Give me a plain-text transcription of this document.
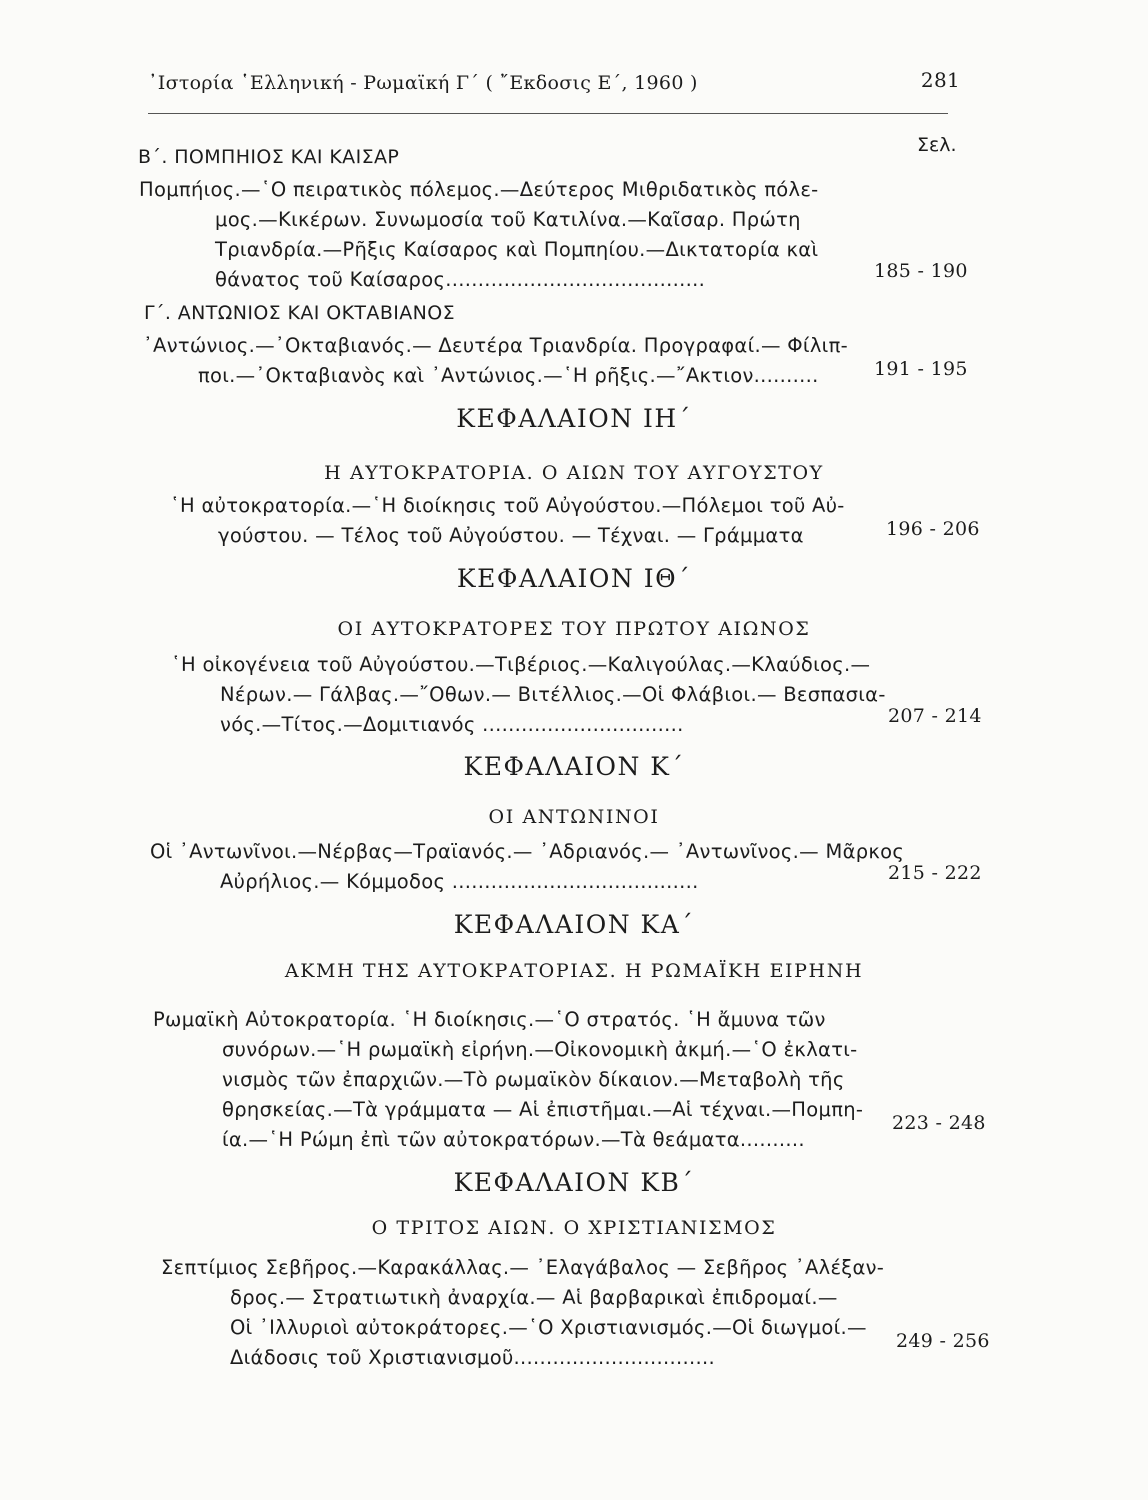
᾿Ιστορία ῾Ελληνική - Ρωμαϊκή Γ΄ ( ῎Εκδοσις Ε΄, 1960 )	281
Σελ.
Β΄. ΠΟΜΠΗΙΟΣ ΚΑΙ ΚΑΙΣΑΡ
Πομπήιος.—῾Ο πειρατικὸς πόλεμος.—Δεύτερος Μιθριδατικὸς πόλε-
μος.—Κικέρων. Συνωμοσία τοῦ Κατιλίνα.—Καῖσαρ. Πρώτη
Τριανδρία.—Ρῆξις Καίσαρος καὶ Πομπηίου.—Δικτατορία καὶ
θάνατος τοῦ Καίσαρος........................................	185 - 190
Γ΄. ΑΝΤΩΝΙΟΣ ΚΑΙ ΟΚΤΑΒΙΑΝΟΣ
᾿Αντώνιος.—᾿Οκταβιανός.— Δευτέρα Τριανδρία. Προγραφαί.— Φίλιπ-
ποι.—᾿Οκταβιανὸς καὶ ᾿Αντώνιος.—῾Η ρῆξις.—῎Ακτιον..........	191 - 195
ΚΕΦΑΛΑΙΟΝ ΙΗ΄
Η ΑΥΤΟΚΡΑΤΟΡΙΑ. Ο ΑΙΩΝ ΤΟΥ ΑΥΓΟΥΣΤΟΥ
῾Η αὐτοκρατορία.—῾Η διοίκησις τοῦ Αὐγούστου.—Πόλεμοι τοῦ Αὐ-
γούστου. — Τέλος τοῦ Αὐγούστου. — Τέχναι. — Γράμματα	196 - 206
ΚΕΦΑΛΑΙΟΝ ΙΘ΄
ΟΙ ΑΥΤΟΚΡΑΤΟΡΕΣ ΤΟΥ ΠΡΩΤΟΥ ΑΙΩΝΟΣ
῾Η οἰκογένεια τοῦ Αὐγούστου.—Τιβέριος.—Καλιγούλας.—Κλαύδιος.—
Νέρων.— Γάλβας.—῎Οθων.— Βιτέλλιος.—Οἱ Φλάβιοι.— Βεσπασια-
νός.—Τίτος.—Δομιτιανός ...............................	207 - 214
ΚΕΦΑΛΑΙΟΝ Κ΄
ΟΙ ΑΝΤΩΝΙΝΟΙ
Οἱ ᾿Αντωνῖνοι.—Νέρβας—Τραϊανός.— ᾿Αδριανός.— ᾿Αντωνῖνος.— Μᾶρκος
Αὐρήλιος.— Κόμμοδος ......................................	215 - 222
ΚΕΦΑΛΑΙΟΝ ΚΑ΄
ΑΚΜΗ ΤΗΣ ΑΥΤΟΚΡΑΤΟΡΙΑΣ. Η ΡΩΜΑΪΚΗ ΕΙΡΗΝΗ
Ρωμαϊκὴ Αὐτοκρατορία. ῾Η διοίκησις.—῾Ο στρατός. ῾Η ἄμυνα τῶν
συνόρων.—῾Η ρωμαϊκὴ εἰρήνη.—Οἰκονομικὴ ἀκμή.—῾Ο ἐκλατι-
νισμὸς τῶν ἐπαρχιῶν.—Τὸ ρωμαϊκὸν δίκαιον.—Μεταβολὴ τῆς
θρησκείας.—Τὰ γράμματα — Αἱ ἐπιστῆμαι.—Αἱ τέχναι.—Πομπη-
ία.—῾Η Ρώμη ἐπὶ τῶν αὐτοκρατόρων.—Τὰ θεάματα..........
223 - 248
ΚΕΦΑΛΑΙΟΝ ΚΒ΄
Ο ΤΡΙΤΟΣ ΑΙΩΝ. Ο ΧΡΙΣΤΙΑΝΙΣΜΟΣ
Σεπτίμιος Σεβῆρος.—Καρακάλλας.— ᾿Ελαγάβαλος — Σεβῆρος ᾿Αλέξαν-
δρος.— Στρατιωτικὴ ἀναρχία.— Αἱ βαρβαρικαὶ ἐπιδρομαί.—
Οἱ ᾿Ιλλυριοὶ αὐτοκράτορες.—῾Ο Χριστιανισμός.—Οἱ διωγμοί.—
Διάδοσις τοῦ Χριστιανισμοῦ...............................
249 - 256
